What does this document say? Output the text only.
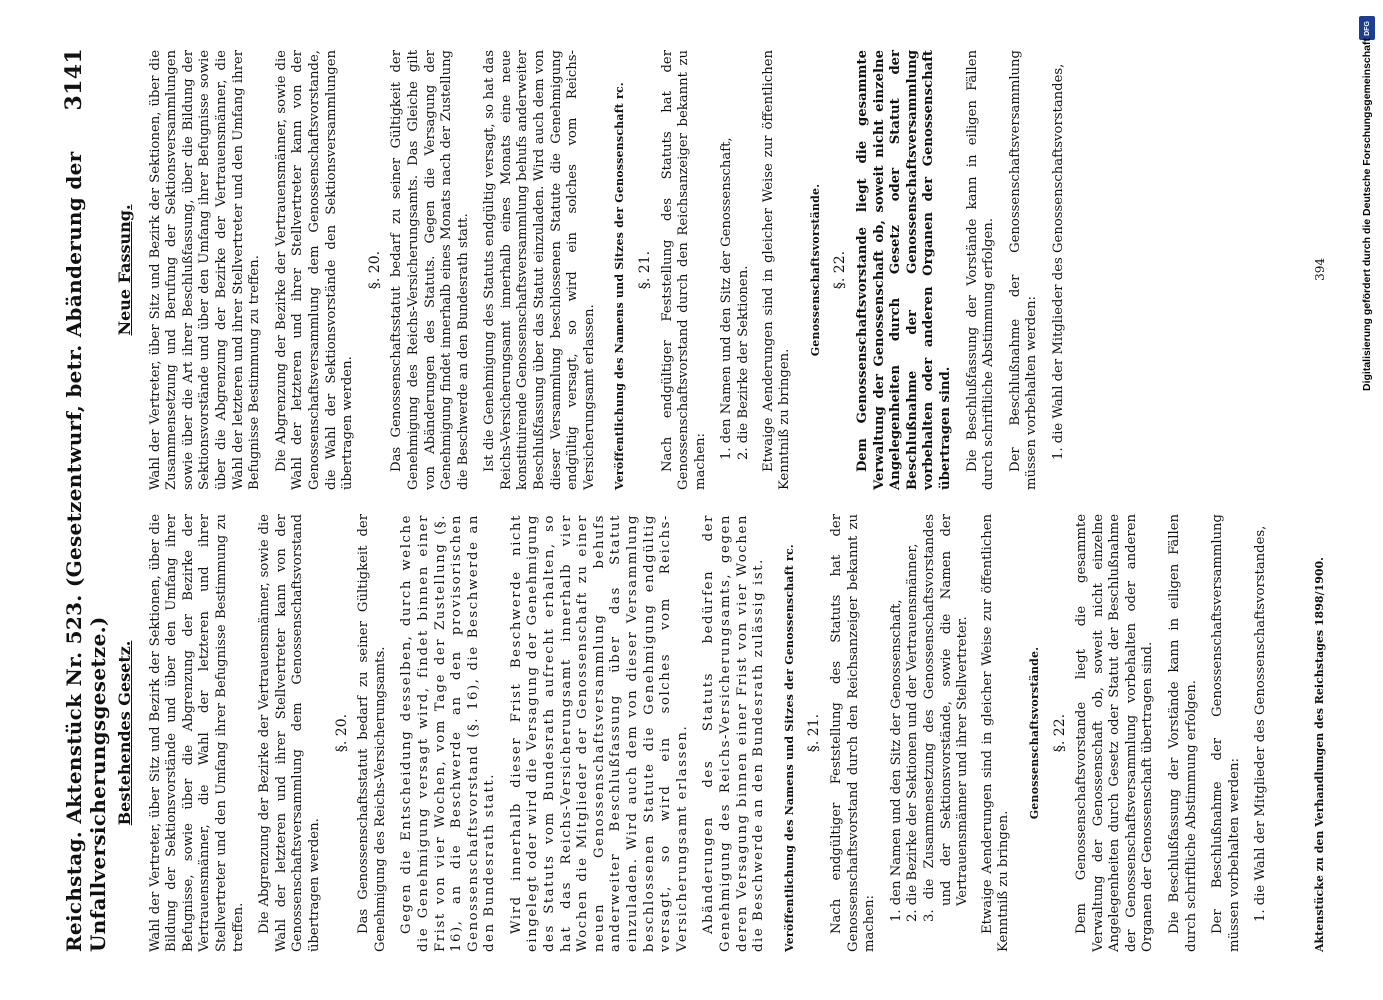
Reichstag. Aktenstück Nr. 523. (Gesetzentwurf, betr. Abänderung der Unfallversicherungsgesetze.)
3141
Bestehendes Gesetz. Wahl der Vertreter, über Sitz und Bezirk der Sektionen, über die Bildung der Sektionsvorstände und über den Umfang ihrer Befugnisse, sowie über die Abgrenzung der Bezirke der Vertrauensmänner, die Wahl der letzteren und ihrer Stellvertreter und den Umfang ihrer Befugnisse Bestimmung zu treffen. Die Abgrenzung der Bezirke der Vertrauensmänner, sowie die Wahl der letzteren und ihrer Stellvertreter kann von der Genossenschaftsversammlung dem Genossenschaftsvorstand übertragen werden.

§. 20. Das Genossenschaftsstatut bedarf zu seiner Gültigkeit der Genehmigung des Reichs-Versicherungsamts. Gegen die Entscheidung desselben, durch welche die Genehmigung versagt wird, findet binnen einer Frist von vier Wochen, vom Tage der Zustellung (§. 16), an die Beschwerde an den provisorischen Genossenschaftsvorstand (§. 16), die Beschwerde an den Bundesrath statt. Wird innerhalb dieser Frist Beschwerde nicht eingelegt oder wird die Versagung der Genehmigung des Statuts vom Bundesrath aufrecht erhalten, so hat das Reichs-Versicherungsamt innerhalb vier Wochen die Mitglieder der Genossenschaft zu einer neuen Genossenschaftsversammlung behufs anderweiter Beschlußfassung über das Statut einzuladen. Wird auch dem von dieser Versammlung beschlossenen Statute die Genehmigung endgültig versagt, so wird ein solches vom Reichs-Versicherungsamt erlassen. Abänderungen des Statuts bedürfen der Genehmigung des Reichs-Versicherungsamts, gegen deren Versagung binnen einer Frist von vier Wochen die Beschwerde an den Bundesrath zulässig ist. Veröffentlichung des Namens und Sitzes der Genossenschaft rc. §. 21. Nach endgültiger Feststellung des Statuts hat der Genossenschaftsvorstand durch den Reichsanzeiger bekannt zu machen:

1. den Namen und den Sitz der Genossenschaft, 2. die Bezirke der Sektionen und der Vertrauensmänner, 3. die Zusammensetzung des Genossenschaftsvorstandes und der Sektionsvorstände, sowie die Namen der Vertrauensmänner und ihrer Stellvertreter. Etwaige Aenderungen sind in gleicher Weise zur öffentlichen Kenntniß zu bringen.

Genossenschaftsvorstände. §. 22. Dem Genossenschaftsvorstande liegt die gesammte Verwaltung der Genossenschaft ob, soweit nicht einzelne Angelegenheiten durch Gesetz oder Statut der Beschlußnahme der Genossenschaftsversammlung vorbehalten oder anderen Organen der Genossenschaft übertragen sind. Die Beschlußfassung der Vorstände kann in eiligen Fällen durch schriftliche Abstimmung erfolgen. Der Beschlußnahme der Genossenschaftsversammlung müssen vorbehalten werden: 1. die Wahl der Mitglieder des Genossenschaftsvorstandes,
Neue Fassung. Wahl der Vertreter, über Sitz und Bezirk der Sektionen, über die Zusammensetzung und Berufung der Sektionsversammlungen sowie über die Art ihrer Beschlußfassung, über die Bildung der Sektionsvorstände und über den Umfang ihrer Befugnisse sowie über die Abgrenzung der Bezirke der Vertrauensmänner, die Wahl der letzteren und ihrer Stellvertreter und den Umfang ihrer Befugnisse Bestimmung zu treffen. Die Abgrenzung der Bezirke der Vertrauensmänner, sowie die Wahl der letzteren und ihrer Stellvertreter kann von der Genossenschaftsversammlung dem Genossenschaftsvorstande, die Wahl der Sektionsvorstände den Sektionsversammlungen übertragen werden.

§. 20. Das Genossenschaftsstatut bedarf zu seiner Gültigkeit der Genehmigung des Reichs-Versicherungsamts. Das Gleiche gilt von Abänderungen des Statuts. Gegen die Versagung der Genehmigung findet innerhalb eines Monats nach der Zustellung die Beschwerde an den Bundesrath statt. Ist die Genehmigung des Statuts endgültig versagt, so hat das Reichs-Versicherungsamt innerhalb eines Monats eine neue konstituirende Genossenschaftsversammlung behufs anderweiter Beschlußfassung über das Statut einzuladen. Wird auch dem von dieser Versammlung beschlossenen Statute die Genehmigung endgültig versagt, so wird ein solches vom Reichs-Versicherungsamt erlassen. Veröffentlichung des Namens und Sitzes der Genossenschaft rc. §. 21. Nach endgültiger Feststellung des Statuts hat der Genossenschaftsvorstand durch den Reichsanzeiger bekannt zu machen:

1. den Namen und den Sitz der Genossenschaft, 2. die Bezirke der Sektionen. Etwaige Aenderungen sind in gleicher Weise zur öffentlichen Kenntniß zu bringen.

Genossenschaftsvorstände. §. 22. Dem Genossenschaftsvorstande liegt die gesammte Verwaltung der Genossenschaft ob, soweit nicht einzelne Angelegenheiten durch Gesetz oder Statut der Beschlußnahme der Genossenschaftsversammlung vorbehalten oder anderen Organen der Genossenschaft übertragen sind. Die Beschlußfassung der Vorstände kann in eiligen Fällen durch schriftliche Abstimmung erfolgen. Der Beschlußnahme der Genossenschaftsversammlung müssen vorbehalten werden: 1. die Wahl der Mitglieder des Genossenschaftsvorstandes,
Aktenstücke zu den Verhandlungen des Reichstages 1898/1900.
394
DFG
Digitalisierung gefördert durch die Deutsche Forschungsgemeinschaft
